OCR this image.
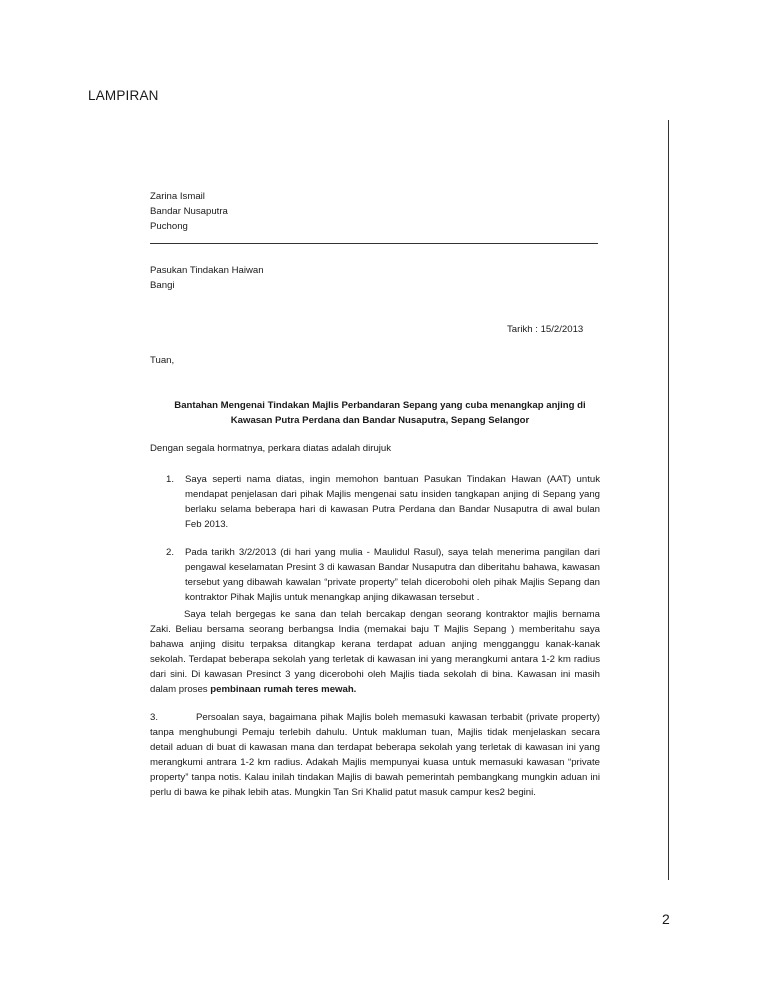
LAMPIRAN
Zarina Ismail
Bandar Nusaputra
Puchong
Pasukan Tindakan Haiwan
Bangi
Tarikh : 15/2/2013
Tuan,
Bantahan Mengenai Tindakan Majlis Perbandaran Sepang yang cuba menangkap anjing di
Kawasan Putra Perdana dan Bandar Nusaputra, Sepang Selangor
Dengan segala hormatnya, perkara diatas adalah dirujuk
1. Saya seperti nama diatas, ingin memohon bantuan Pasukan Tindakan Hawan (AAT) untuk mendapat penjelasan dari pihak Majlis mengenai satu insiden tangkapan anjing di Sepang yang berlaku selama beberapa hari di kawasan Putra Perdana dan Bandar Nusaputra di awal bulan Feb 2013.
2. Pada tarikh 3/2/2013 (di hari yang mulia - Maulidul Rasul), saya telah menerima pangilan dari pengawal keselamatan Presint 3 di kawasan Bandar Nusaputra dan diberitahu bahawa, kawasan tersebut yang dibawah kawalan “private property” telah dicerobohi oleh pihak Majlis Sepang dan kontraktor Pihak Majlis untuk menangkap anjing dikawasan tersebut .
Saya telah bergegas ke sana dan telah bercakap dengan seorang kontraktor majlis bernama Zaki. Beliau bersama seorang berbangsa India (memakai baju T Majlis Sepang ) memberitahu saya bahawa anjing disitu terpaksa ditangkap kerana terdapat aduan anjing mengganggu kanak-kanak sekolah. Terdapat beberapa sekolah yang terletak di kawasan ini yang merangkumi antara 1-2 km radius dari sini. Di kawasan Presinct 3 yang dicerobohi oleh Majlis tiada sekolah di bina. Kawasan ini masih dalam proses pembinaan rumah teres mewah.
3.	Persoalan saya, bagaimana pihak Majlis boleh memasuki kawasan terbabit (private property) tanpa menghubungi Pemaju terlebih dahulu. Untuk makluman tuan, Majlis tidak menjelaskan secara detail aduan di buat di kawasan mana dan terdapat beberapa sekolah yang terletak di kawasan ini yang merangkumi antrara 1-2 km radius. Adakah Majlis mempunyai kuasa untuk memasuki kawasan “private property” tanpa notis. Kalau inilah tindakan Majlis di bawah pemerintah pembangkang mungkin aduan ini perlu di bawa ke pihak lebih atas. Mungkin Tan Sri Khalid patut masuk campur kes2 begini.
2
